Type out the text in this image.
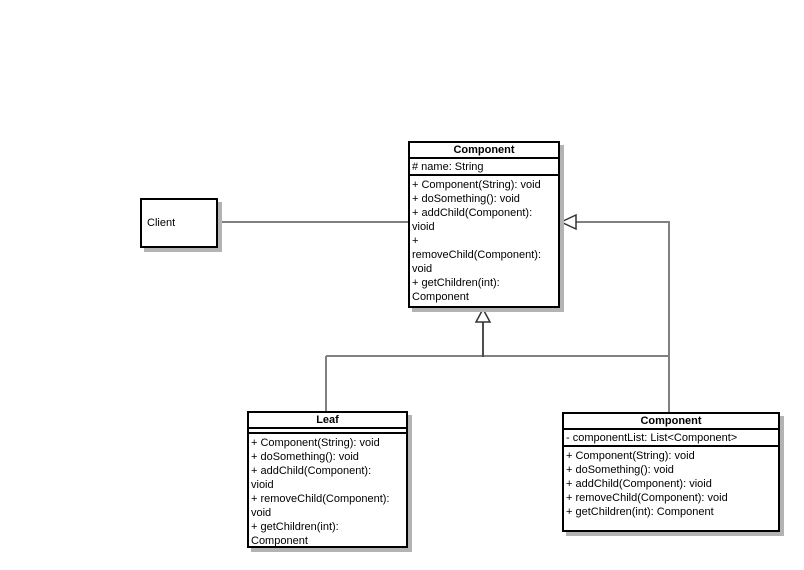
Client
Component
# name: String
+ Component(String): void
+ doSomething(): void
+ addChild(Component):
vioid
+
removeChild(Component):
void
+ getChildren(int):
Component
Leaf
+ Component(String): void
+ doSomething(): void
+ addChild(Component):
vioid
+ removeChild(Component):
void
+ getChildren(int):
Component
Component
- componentList: List<Component>
+ Component(String): void
+ doSomething(): void
+ addChild(Component): vioid
+ removeChild(Component): void
+ getChildren(int): Component
